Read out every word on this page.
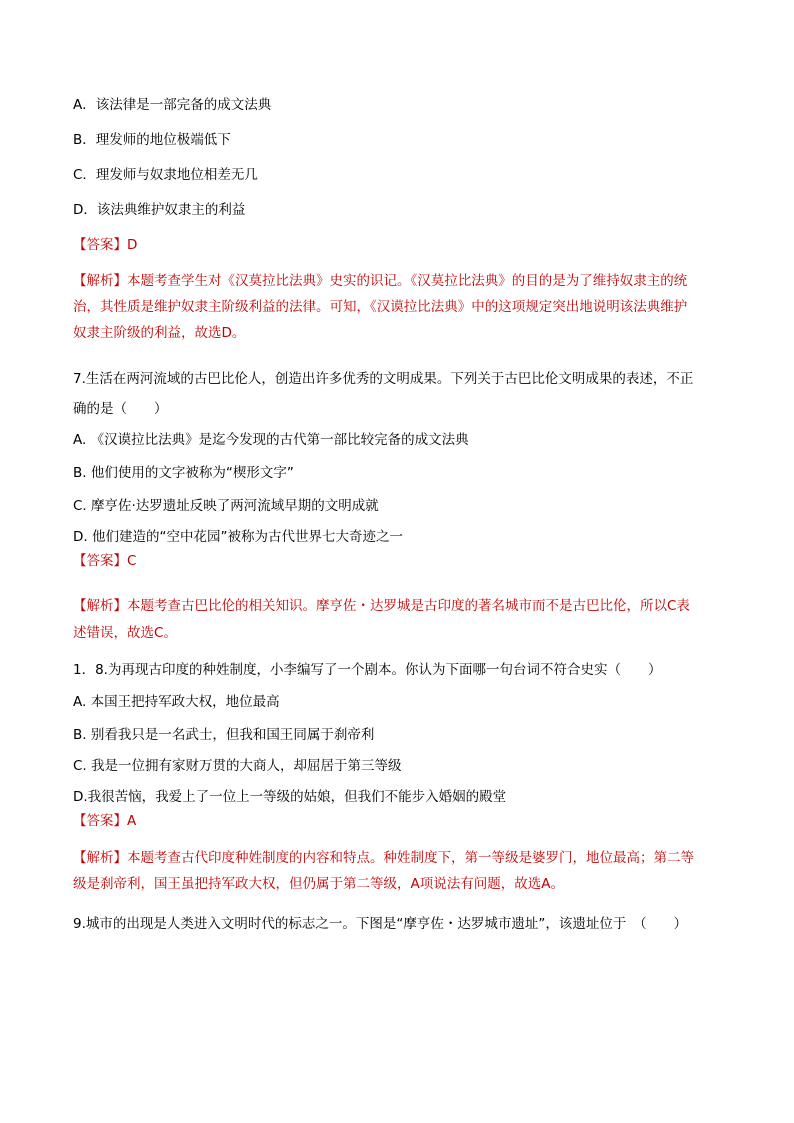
A．该法律是一部完备的成文法典
B．理发师的地位极端低下
C．理发师与奴隶地位相差无几
D．该法典维护奴隶主的利益
【答案】D
【解析】本题考查学生对《汉莫拉比法典》史实的识记。《汉莫拉比法典》的目的是为了维持奴隶主的统
治，其性质是维护奴隶主阶级利益的法律。可知，《汉谟拉比法典》中的这项规定突出地说明该法典维护
奴隶主阶级的利益，故选D。
7.生活在两河流域的古巴比伦人，创造出许多优秀的文明成果。下列关于古巴比伦文明成果的表述，不正
确的是（　　）
A. 《汉谟拉比法典》是迄今发现的古代第一部比较完备的成文法典
B. 他们使用的文字被称为“楔形文字”
C. 摩亨佐·达罗遗址反映了两河流域早期的文明成就
D. 他们建造的“空中花园”被称为古代世界七大奇迹之一
【答案】C
【解析】本题考查古巴比伦的相关知识。摩亨佐・达罗城是古印度的著名城市而不是古巴比伦，所以C表
述错误，故选C。
1．8.为再现古印度的种姓制度，小李编写了一个剧本。你认为下面哪一句台词不符合史实（　　）
A. 本国王把持军政大权，地位最高
B. 别看我只是一名武士，但我和国王同属于刹帝利
C. 我是一位拥有家财万贯的大商人，却屈居于第三等级
D.我很苦恼，我爱上了一位上一等级的姑娘，但我们不能步入婚姻的殿堂
【答案】A
【解析】本题考查古代印度种姓制度的内容和特点。种姓制度下，第一等级是婆罗门，地位最高；第二等
级是刹帝利，国王虽把持军政大权，但仍属于第二等级，A项说法有问题，故选A。
9.城市的出现是人类进入文明时代的标志之一。下图是“摩亨佐・达罗城市遗址”，该遗址位于　（　　）
